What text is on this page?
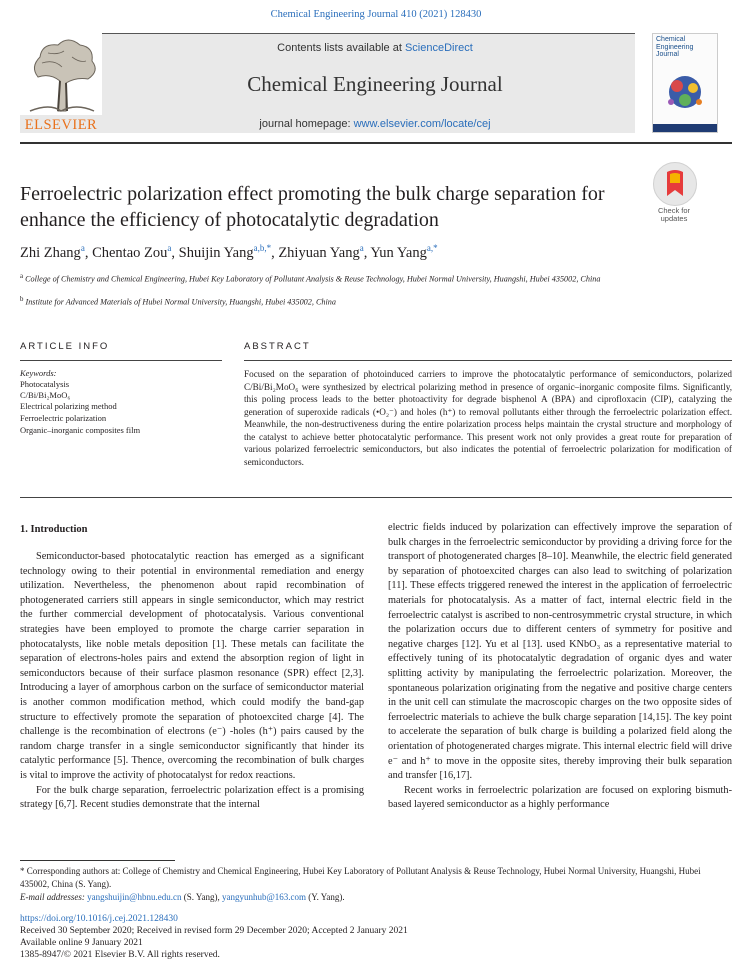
Chemical Engineering Journal 410 (2021) 128430
ELSEVIER
Contents lists available at ScienceDirect
Chemical Engineering Journal
journal homepage: www.elsevier.com/locate/cej
Chemical
Engineering
Journal
Ferroelectric polarization effect promoting the bulk charge separation for enhance the efficiency of photocatalytic degradation	Check for updates
Zhi Zhang$^a$, Chentao Zou$^a$, Shuijin Yang$^{a,b,*}$, Zhiyuan Yang$^a$, Yun Yang$^{a,*}$
$^a$ College of Chemistry and Chemical Engineering, Hubei Key Laboratory of Pollutant Analysis & Reuse Technology, Hubei Normal University, Huangshi, Hubei 435002, China
$^b$ Institute for Advanced Materials of Hubei Normal University, Huangshi, Hubei 435002, China
ARTICLE INFO	ABSTRACT
Keywords:
Photocatalysis
C/Bi/Bi₂MoO₆
Electrical polarizing method
Ferroelectric polarization
Organic–inorganic composites film
Focused on the separation of photoinduced carriers to improve the photocatalytic performance of semiconductors, polarized C/Bi/Bi₂MoO₆ were synthesized by electrical polarizing method in presence of organic–inorganic composite films. Significantly, this poling process leads to the better photoactivity for degrade bisphenol A (BPA) and ciprofloxacin (CIP), catalyzing the generation of superoxide radicals (•O₂⁻) and holes (h⁺) to removal pollutants either through the ferroelectric polarization effect. Meanwhile, the non-destructiveness during the entire polarization process helps maintain the crystal structure and morphology of the catalyst to achieve better photocatalytic performance. This present work not only provides a great route for preparation of various polarized ferroelectric semiconductors, but also indicates the potential of ferroelectric polarization for modification of semiconductors.
1. Introduction

Semiconductor-based photocatalytic reaction has emerged as a significant technology owing to their potential in environmental remediation and energy utilization. Nevertheless, the phenomenon about rapid recombination of photogenerated carriers still appears in single semiconductor, which may restrict the further commercial development of photocatalysis. Various conventional strategies have been employed to promote the charge carrier separation in photocatalysts, like noble metals deposition [1]. These metals can facilitate the separation of electrons-holes pairs and extend the absorption region of light in semiconductors because of their surface plasmon resonance (SPR) effect [2,3]. Introducing a layer of amorphous carbon on the surface of semiconductor material is another common modification method, which could modify the band-gap structure to effectively promote the separation of photoexcited charge [4]. The challenge is the recombination of electrons (e⁻) -holes (h⁺) pairs caused by the random charge transfer in a single semiconductor significantly that hinder its catalytic performance [5]. Thence, overcoming the recombination of bulk charges is vital to improve the activity of photocatalyst for redox reactions.

For the bulk charge separation, ferroelectric polarization effect is a promising strategy [6,7]. Recent studies demonstrate that the internal

electric fields induced by polarization can effectively improve the separation of bulk charges in the ferroelectric semiconductor by providing a driving force for the transport of photogenerated charges [8–10]. Meanwhile, the electric field generated by separation of photoexcited charges can also lead to switching of polarization [11]. These effects triggered renewed the interest in the application of ferroelectric materials for photocatalysis. As a matter of fact, internal electric field in the ferroelectric catalyst is ascribed to non-centrosymmetric crystal structure, in which the polarization occurs due to different centers of symmetry for positive and negative charges [12]. Yu et al [13]. used KNbO₃ as a representative material to effectively tuning of its photocatalytic degradation of organic dyes and water splitting activity by manipulating the ferroelectric polarization. Moreover, the spontaneous polarization originating from the negative and positive charge centers in the unit cell can stimulate the macroscopic charges on the two opposite sides of ferroelectric materials to achieve the bulk charge separation [14,15]. The key point to accelerate the separation of bulk charge is building a polarized field along the orientation of photogenerated charges migrate. This internal electric field will drive e⁻ and h⁺ to move in the opposite sites, thereby improving their bulk separation and transfer [16,17].

Recent works in ferroelectric polarization are focused on exploring bismuth-based layered semiconductor as a highly performance

* Corresponding authors at: College of Chemistry and Chemical Engineering, Hubei Key Laboratory of Pollutant Analysis & Reuse Technology, Hubei Normal University, Huangshi, Hubei 435002, China (S. Yang).
E-mail addresses: yangshuijin@hbnu.edu.cn (S. Yang), yangyunhub@163.com (Y. Yang).
https://doi.org/10.1016/j.cej.2021.128430
Received 30 September 2020; Received in revised form 29 December 2020; Accepted 2 January 2021
Available online 9 January 2021
1385-8947/© 2021 Elsevier B.V. All rights reserved.
